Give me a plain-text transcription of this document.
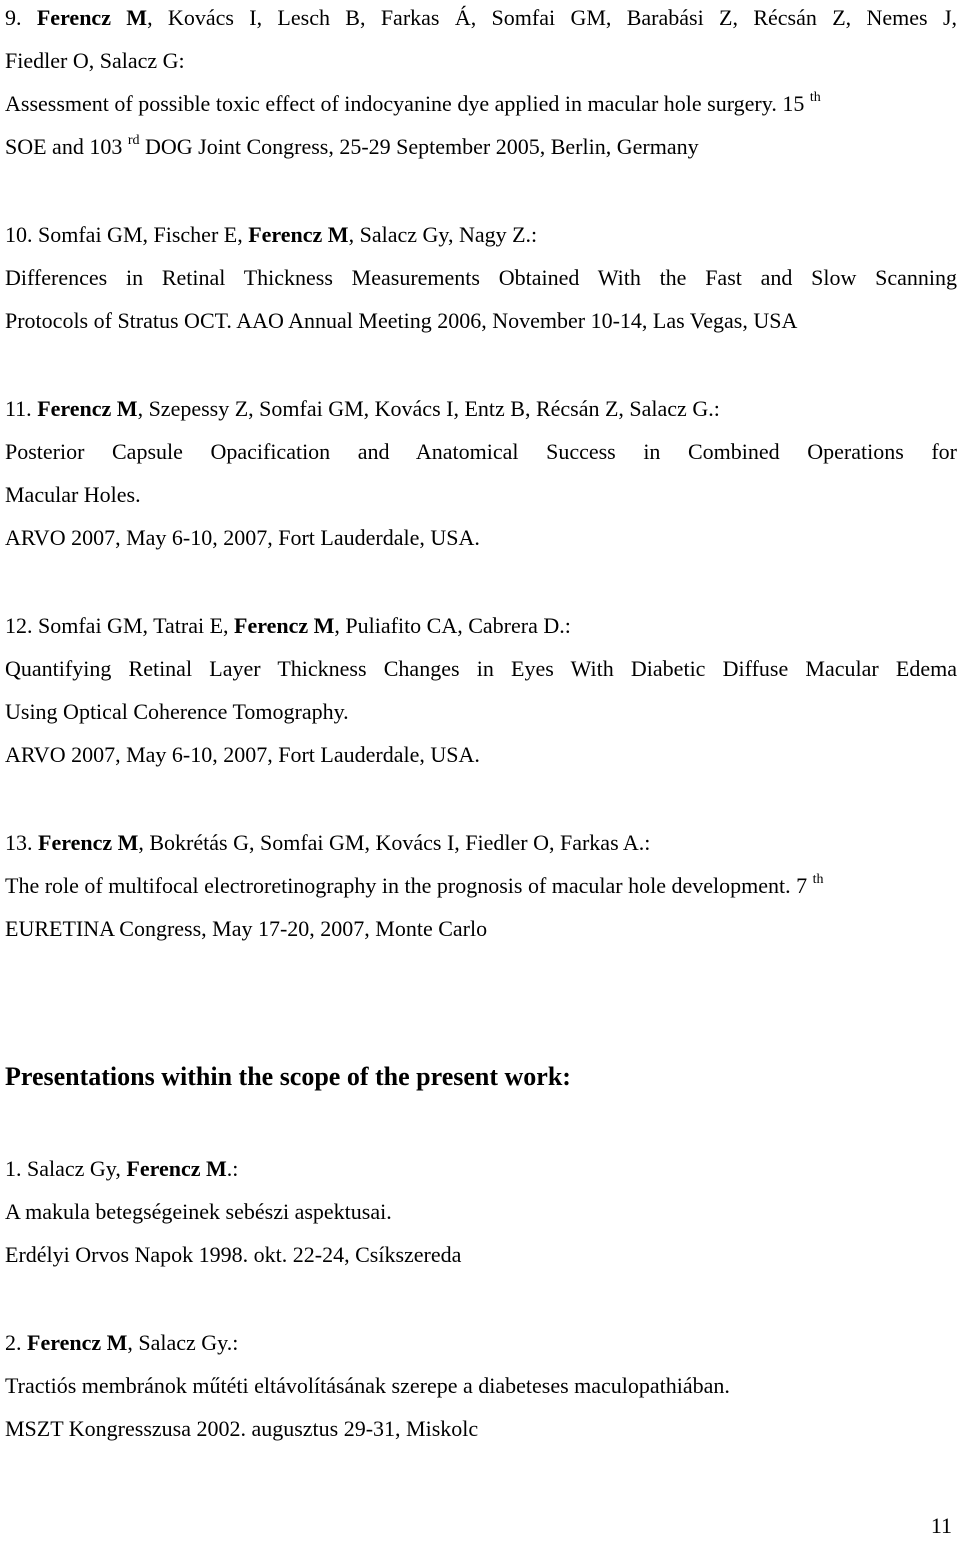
9. Ferencz M, Kovács I, Lesch B, Farkas Á, Somfai GM, Barabási Z, Récsán Z, Nemes J,
Fiedler O, Salacz G:
Assessment of possible toxic effect of indocyanine dye applied in macular hole surgery. 15 $^{th}$
SOE and 103 $^{rd}$ DOG Joint Congress, 25-29 September 2005, Berlin, Germany
10. Somfai GM, Fischer E, Ferencz M, Salacz Gy, Nagy Z.:
Differences in Retinal Thickness Measurements Obtained With the Fast and Slow Scanning
Protocols of Stratus OCT. AAO Annual Meeting 2006, November 10-14, Las Vegas, USA
11. Ferencz M, Szepessy Z, Somfai GM, Kovács I, Entz B, Récsán Z, Salacz G.:
Posterior Capsule Opacification and Anatomical Success in Combined Operations for
Macular Holes.
ARVO 2007, May 6-10, 2007, Fort Lauderdale, USA.
12. Somfai GM, Tatrai E, Ferencz M, Puliafito CA, Cabrera D.:
Quantifying Retinal Layer Thickness Changes in Eyes With Diabetic Diffuse Macular Edema
Using Optical Coherence Tomography.
ARVO 2007, May 6-10, 2007, Fort Lauderdale, USA.
13. Ferencz M, Bokrétás G, Somfai GM, Kovács I, Fiedler O, Farkas A.:
The role of multifocal electroretinography in the prognosis of macular hole development. 7 $^{th}$
EURETINA Congress, May 17-20, 2007, Monte Carlo
Presentations within the scope of the present work:
1. Salacz Gy, Ferencz M.:
A makula betegségeinek sebészi aspektusai.
Erdélyi Orvos Napok 1998. okt. 22-24, Csíkszereda
2. Ferencz M, Salacz Gy.:
Tractiós membránok műtéti eltávolításának szerepe a diabeteses maculopathiában.
MSZT Kongresszusa 2002. augusztus 29-31, Miskolc
11
